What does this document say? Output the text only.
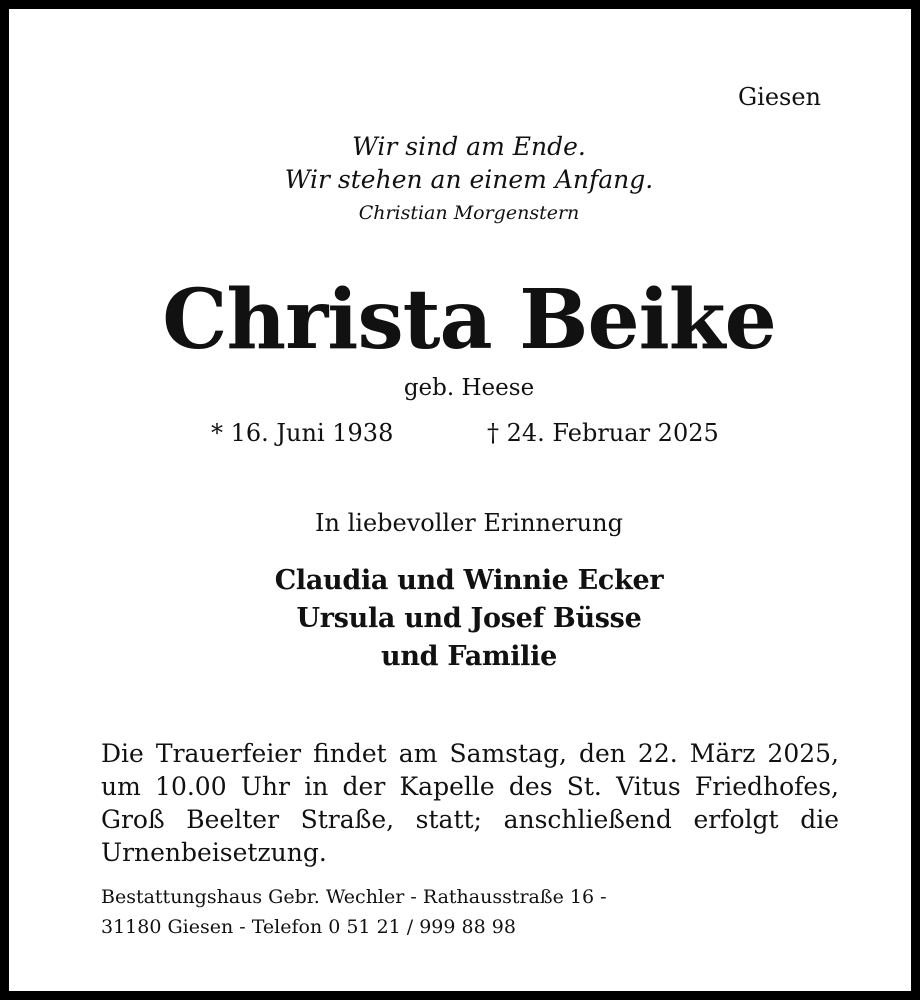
Giesen
Wir sind am Ende.
Wir stehen an einem Anfang.
Christian Morgenstern
Christa Beike
geb. Heese
* 16. Juni 1938	† 24. Februar 2025
In liebevoller Erinnerung
Claudia und Winnie Ecker
Ursula und Josef Büsse
und Familie

Die Trauerfeier findet am Samstag, den 22. März 2025, um 10.00 Uhr in der Kapelle des St. Vitus Friedhofes, Groß Beelter Straße, statt; anschließend erfolgt die Urnenbeisetzung.

Bestattungshaus Gebr. Wechler - Rathausstraße 16 -
31180 Giesen - Telefon 0 51 21 / 999 88 98
